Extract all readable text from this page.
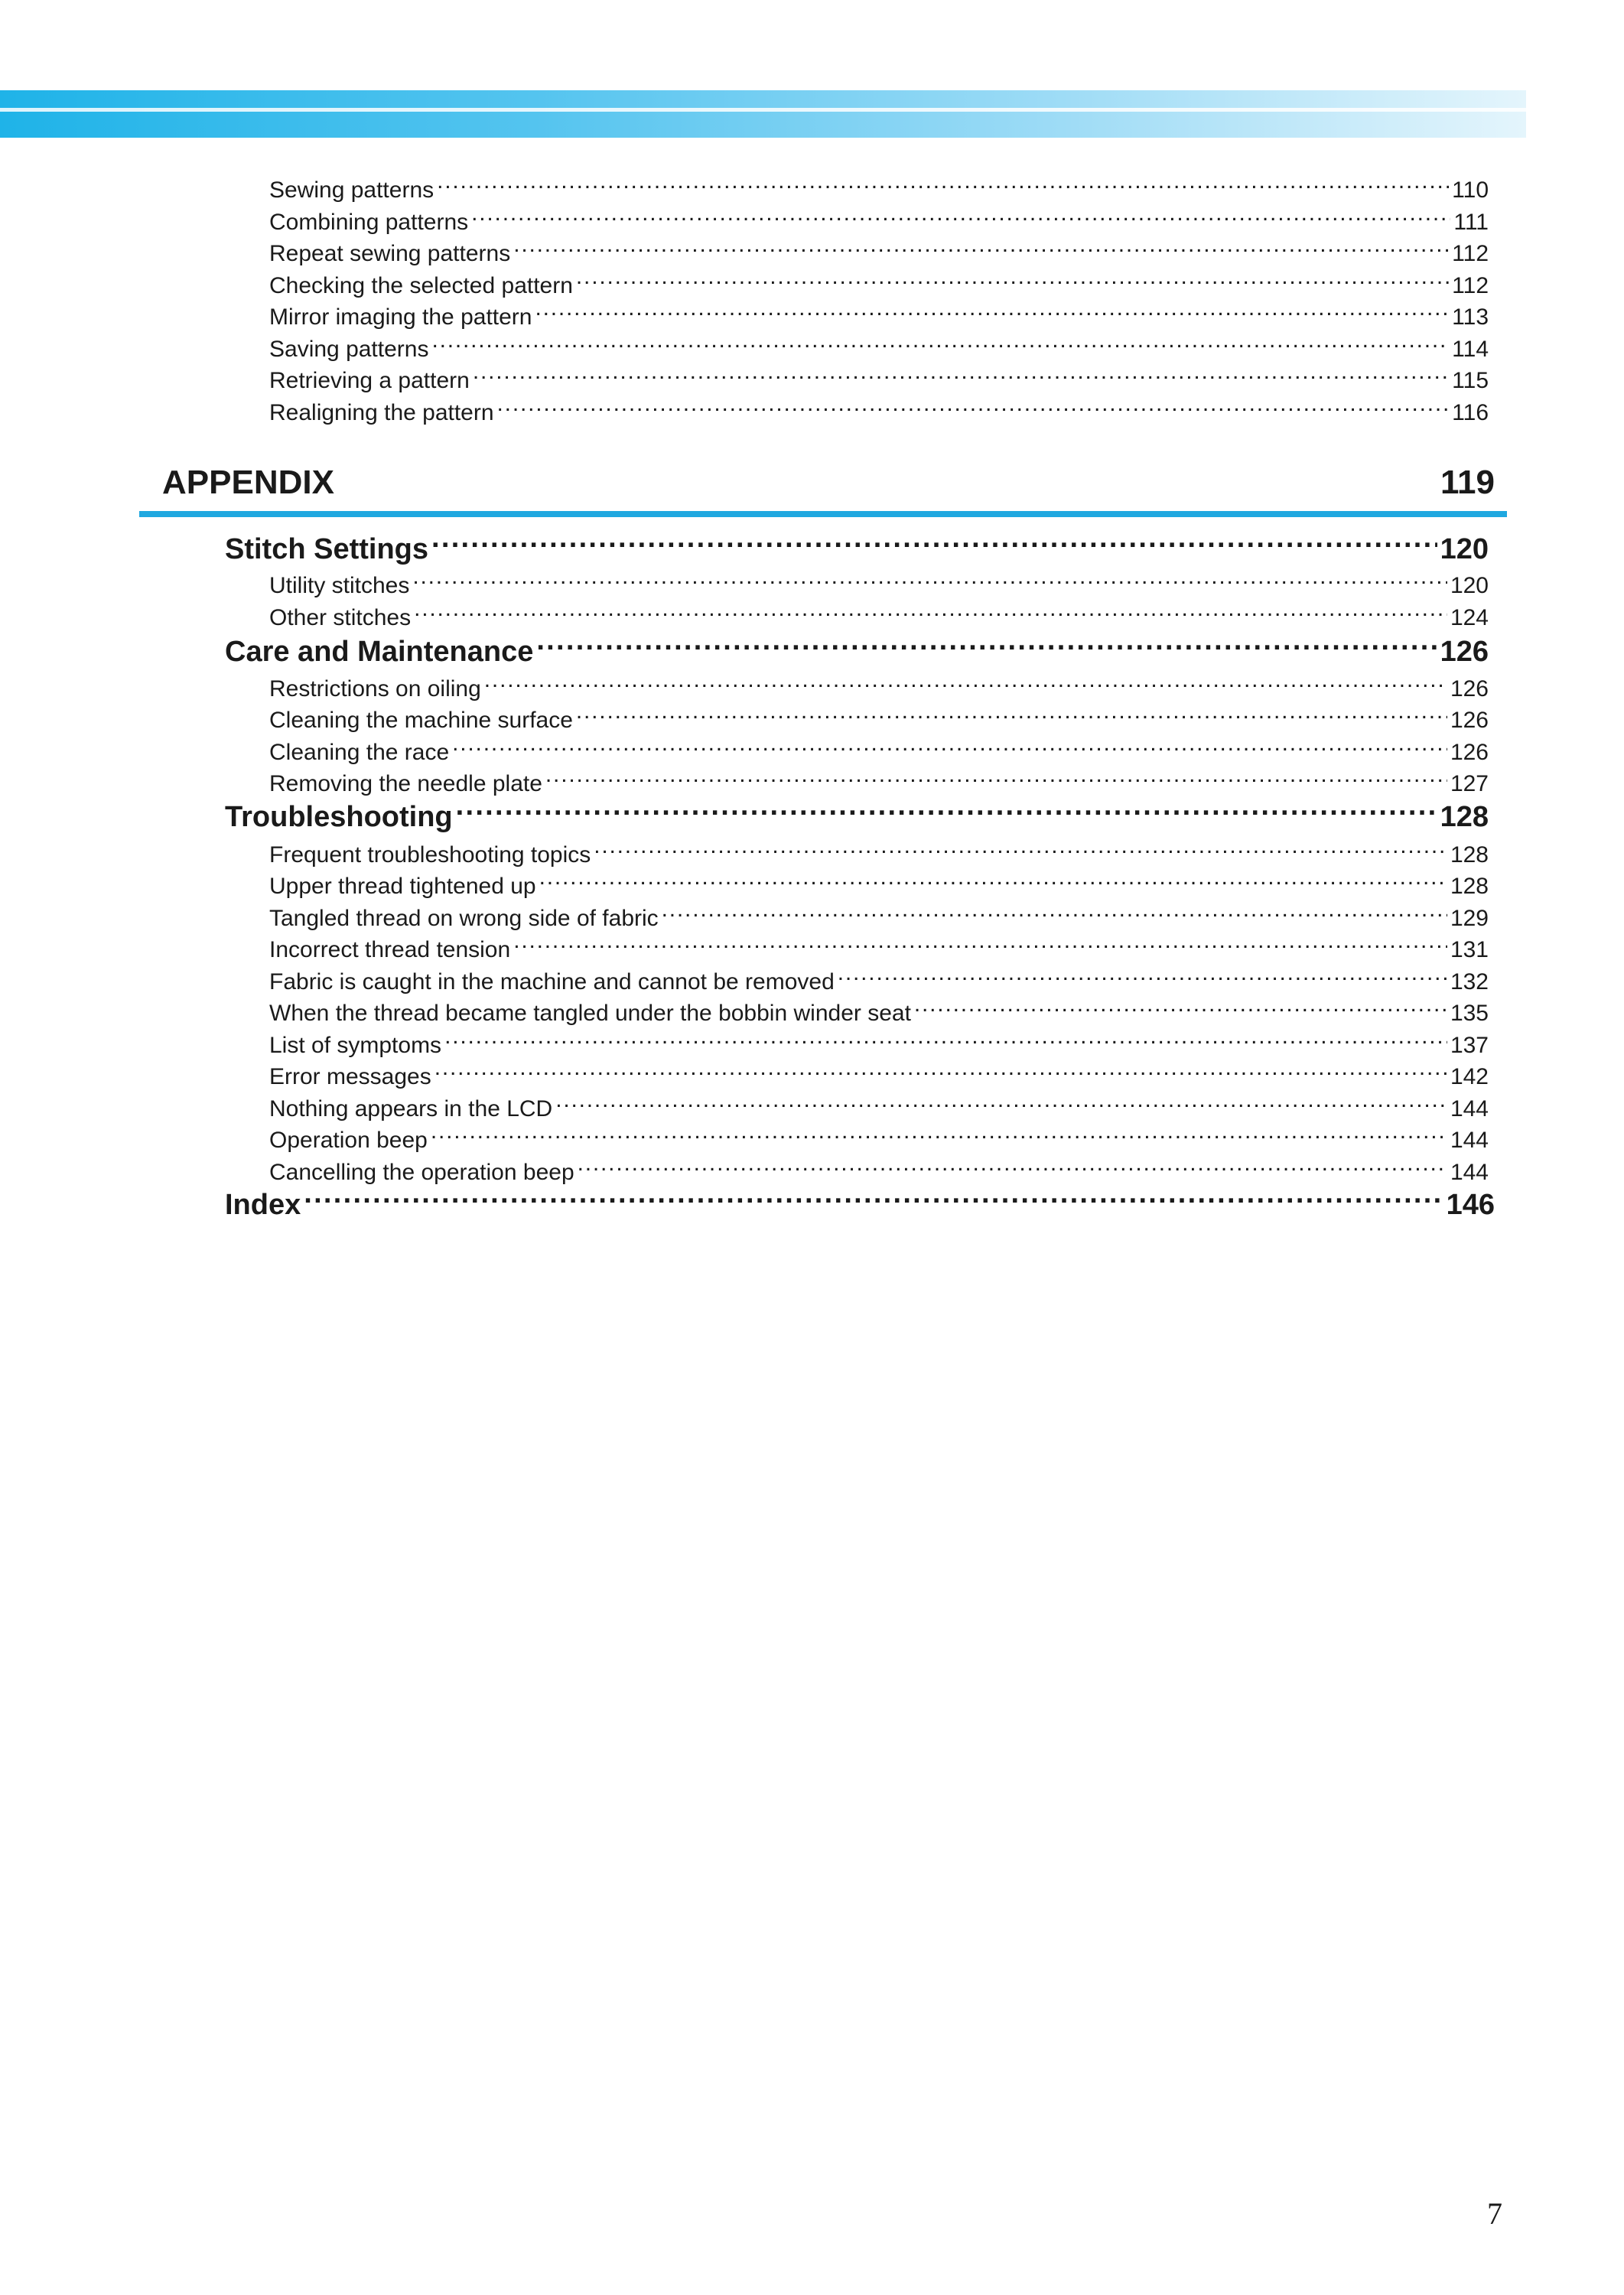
Sewing patterns .....	110
Combining patterns .....	111
Repeat sewing patterns .....	112
Checking the selected pattern .....	112
Mirror imaging the pattern .....	113
Saving patterns .....	114
Retrieving a pattern .....	115
Realigning the pattern .....	116
APPENDIX	119
Stitch Settings .....	120
Utility stitches .....	120
Other stitches .....	124
Care and Maintenance .....	126
Restrictions on oiling .....	126
Cleaning the machine surface .....	126
Cleaning the race .....	126
Removing the needle plate .....	127
Troubleshooting .....	128
Frequent troubleshooting topics .....	128
Upper thread tightened up .....	128
Tangled thread on wrong side of fabric .....	129
Incorrect thread tension .....	131
Fabric is caught in the machine and cannot be removed .....	132
When the thread became tangled under the bobbin winder seat .....	135
List of symptoms .....	137
Error messages .....	142
Nothing appears in the LCD .....	144
Operation beep .....	144
Cancelling the operation beep .....	144
Index .....	146
7
